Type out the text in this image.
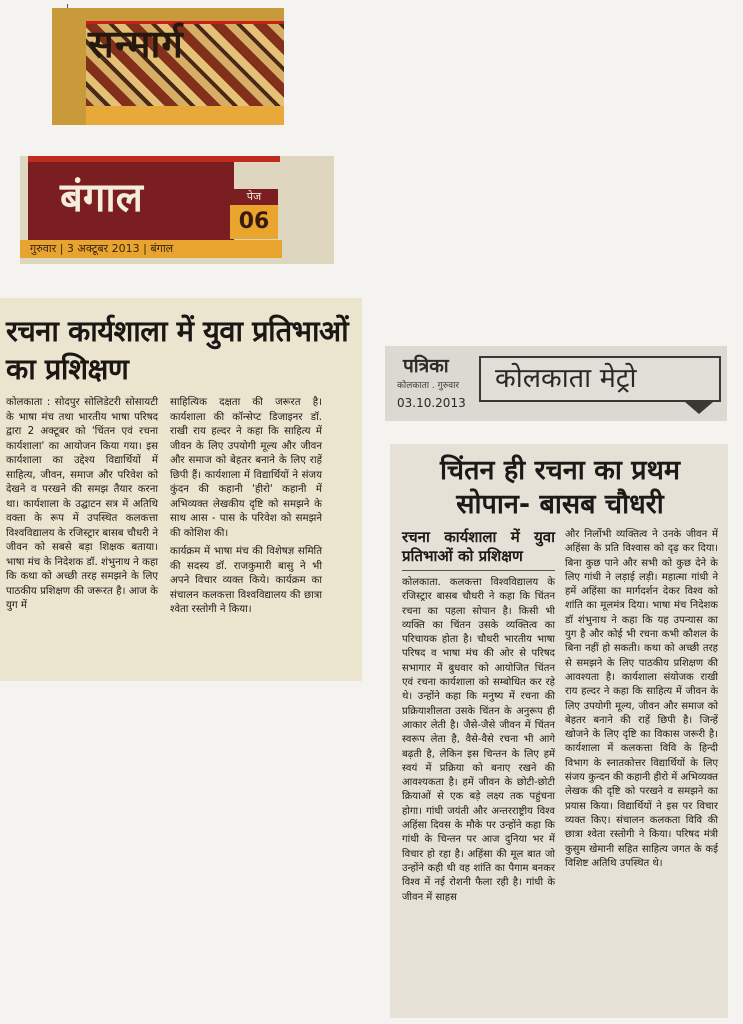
सन्मार्ग
बंगाल	पेज
06
गुरुवार | 3 अक्टूबर 2013 | बंगाल
रचना कार्यशाला में युवा प्रतिभाओं का प्रशिक्षण

कोलकाता : सोदपुर सोलिडेटरी सोसायटी के भाषा मंच तथा भारतीय भाषा परिषद द्वारा 2 अक्टूबर को 'चिंतन एवं रचना कार्यशाला' का आयोजन किया गया। इस कार्यशाला का उद्देश्य विद्यार्थियों में साहित्य, जीवन, समाज और परिवेश को देखने व परखने की समझ तैयार करना था। कार्यशाला के उद्घाटन सत्र में अतिथि वक्ता के रूप में उपस्थित कलकत्ता विश्वविद्यालय के रजिस्ट्रार बासब चौधरी ने जीवन को सबसे बड़ा शिक्षक बताया। भाषा मंच के निदेशक डॉ. शंभुनाथ ने कहा कि कथा को अच्छी तरह समझने के लिए पाठकीय प्रशिक्षण की जरूरत है। आज के युग में

साहित्यिक दक्षता की जरूरत है। कार्यशाला की कॉन्सेप्ट डिजाइनर डॉ. राखी राय हल्दर ने कहा कि साहित्य में जीवन के लिए उपयोगी मूल्य और जीवन और समाज को बेहतर बनाने के लिए राहें छिपी हैं। कार्यशाला में विद्यार्थियों ने संजय कुंदन की कहानी 'हीरो' कहानी में अभिव्यक्त लेखकीय दृष्टि को समझने के साथ आस - पास के परिवेश को समझने की कोशिश की।

कार्यक्रम में भाषा मंच की विशेषज्ञ समिति की सदस्य डॉ. राजकुमारी बासु ने भी अपने विचार व्यक्त किये। कार्यक्रम का संचालन कलकत्ता विश्वविद्यालय की छात्रा श्वेता रस्तोगी ने किया।

पत्रिका
कोलकाता . गुरुवार
03.10.2013
कोलकाता मेट्रो
चिंतन ही रचना का प्रथम सोपान- बासब चौधरी
रचना कार्यशाला में युवा प्रतिभाओं को प्रशिक्षण

कोलकाता. कलकत्ता विश्वविद्यालय के रजिस्ट्रार बासब चौधरी ने कहा कि चिंतन रचना का पहला सोपान है। किसी भी व्यक्ति का चिंतन उसके व्यक्तित्व का परिचायक होता है। चौधरी भारतीय भाषा परिषद व भाषा मंच की ओर से परिषद सभागार में बुधवार को आयोजित चिंतन एवं रचना कार्यशाला को सम्बोधित कर रहे थे। उन्होंने कहा कि मनुष्य में रचना की प्रक्रियाशीलता उसके चिंतन के अनुरूप ही आकार लेती है। जैसे-जैसे जीवन में चिंतन स्वरूप लेता है, वैसे-वैसे रचना भी आगे बढ़ती है, लेकिन इस चिन्तन के लिए हमें स्वयं में प्रक्रिया को बनाए रखने की आवश्यकता है। हमें जीवन के छोटी-छोटी क्रियाओं से एक बड़े लक्ष्य तक पहुंचना होगा। गांधी जयंती और अन्तरराष्ट्रीय विश्व अहिंसा दिवस के मौके पर उन्होंने कहा कि गांधी के चिन्तन पर आज दुनिया भर में विचार हो रहा है। अहिंसा की मूल बात जो उन्होंने कही थी वह शांति का पैगाम बनकर विश्व में नई रोशनी फैला रही है। गांधी के जीवन में साहस

और निर्लोभी व्यक्तित्व ने उनके जीवन में अहिंसा के प्रति विश्वास को दृढ़ कर दिया। बिना कुछ पाने और सभी को कुछ देने के लिए गांधी ने लड़ाई लड़ी। महात्मा गांधी ने हमें अहिंसा का मार्गदर्शन देकर विश्व को शांति का मूलमंत्र दिया। भाषा मंच निदेशक डॉ शंभुनाथ ने कहा कि यह उपन्यास का युग है और कोई भी रचना कभी कौशल के बिना नहीं हो सकती। कथा को अच्छी तरह से समझने के लिए पाठकीय प्रशिक्षण की आवश्यता है। कार्यशाला संयोजक राखी राय हल्दर ने कहा कि साहित्य में जीवन के लिए उपयोगी मूल्य, जीवन और समाज को बेहतर बनाने की राहें छिपी है। जिन्हें खोजने के लिए दृष्टि का विकास जरूरी है। कार्यशाला में कलकत्ता विवि के हिन्दी विभाग के स्नातकोत्तर विद्यार्थियों के लिए संजय कुन्दन की कहानी हीरो में अभिव्यक्त लेखक की दृष्टि को परखने व समझने का प्रयास किया। विद्यार्थियों ने इस पर विचार व्यक्त किए। संचालन कलकता विवि की छात्रा श्वेता रस्तोगी ने किया। परिषद मंत्री कुसुम खेमानी सहित साहित्य जगत के कई विशिष्ट अतिथि उपस्थित थे।
